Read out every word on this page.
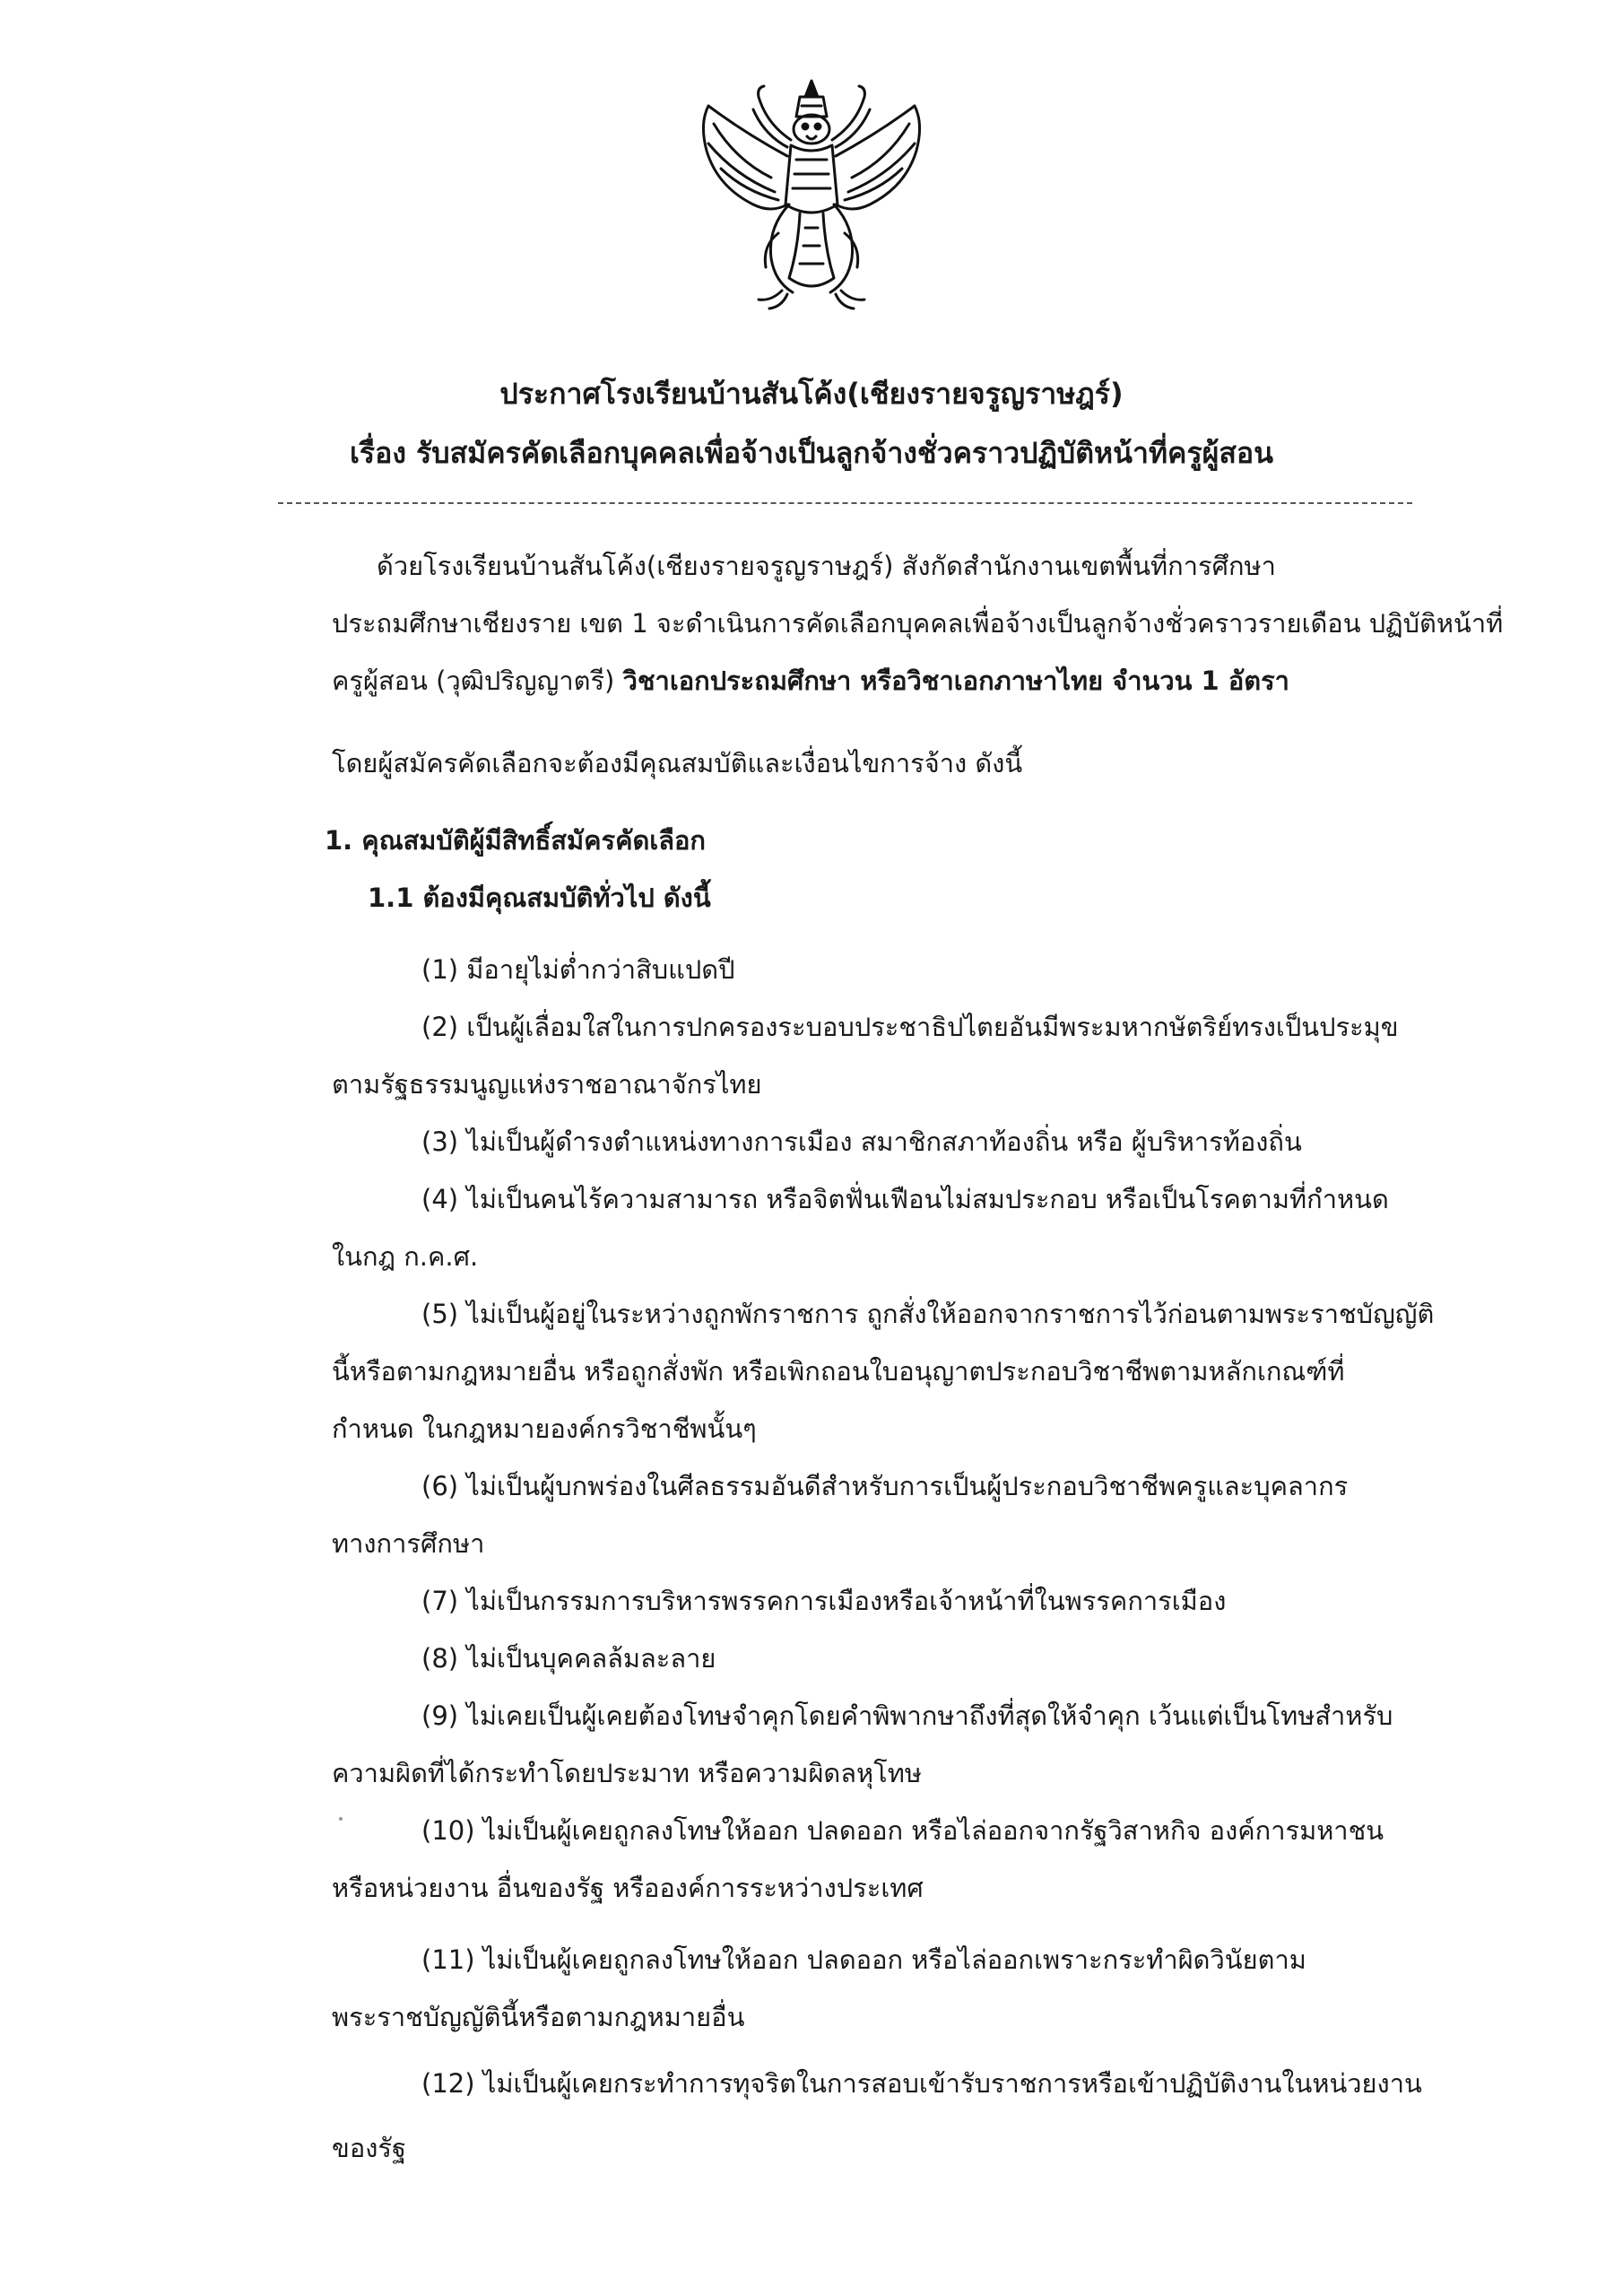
ประกาศโรงเรียนบ้านสันโค้ง(เชียงรายจรูญราษฎร์)
เรื่อง รับสมัครคัดเลือกบุคคลเพื่อจ้างเป็นลูกจ้างชั่วคราวปฏิบัติหน้าที่ครูผู้สอน
ด้วยโรงเรียนบ้านสันโค้ง(เชียงรายจรูญราษฎร์) สังกัดสำนักงานเขตพื้นที่การศึกษา
ประถมศึกษาเชียงราย เขต 1 จะดำเนินการคัดเลือกบุคคลเพื่อจ้างเป็นลูกจ้างชั่วคราวรายเดือน ปฏิบัติหน้าที่
ครูผู้สอน (วุฒิปริญญาตรี) วิชาเอกประถมศึกษา หรือวิชาเอกภาษาไทย จำนวน 1 อัตรา
โดยผู้สมัครคัดเลือกจะต้องมีคุณสมบัติและเงื่อนไขการจ้าง ดังนี้
1. คุณสมบัติผู้มีสิทธิ์สมัครคัดเลือก
1.1 ต้องมีคุณสมบัติทั่วไป ดังนี้
(1) มีอายุไม่ต่ำกว่าสิบแปดปี
(2) เป็นผู้เลื่อมใสในการปกครองระบอบประชาธิปไตยอันมีพระมหากษัตริย์ทรงเป็นประมุข
ตามรัฐธรรมนูญแห่งราชอาณาจักรไทย
(3) ไม่เป็นผู้ดำรงตำแหน่งทางการเมือง สมาชิกสภาท้องถิ่น หรือ ผู้บริหารท้องถิ่น
(4) ไม่เป็นคนไร้ความสามารถ หรือจิตฟั่นเฟือนไม่สมประกอบ หรือเป็นโรคตามที่กำหนด
ในกฎ ก.ค.ศ.
(5) ไม่เป็นผู้อยู่ในระหว่างถูกพักราชการ ถูกสั่งให้ออกจากราชการไว้ก่อนตามพระราชบัญญัติ
นี้หรือตามกฎหมายอื่น หรือถูกสั่งพัก หรือเพิกถอนใบอนุญาตประกอบวิชาชีพตามหลักเกณฑ์ที่
กำหนด ในกฎหมายองค์กรวิชาชีพนั้นๆ
(6) ไม่เป็นผู้บกพร่องในศีลธรรมอันดีสำหรับการเป็นผู้ประกอบวิชาชีพครูและบุคลากร
ทางการศึกษา
(7) ไม่เป็นกรรมการบริหารพรรคการเมืองหรือเจ้าหน้าที่ในพรรคการเมือง
(8) ไม่เป็นบุคคลล้มละลาย
(9) ไม่เคยเป็นผู้เคยต้องโทษจำคุกโดยคำพิพากษาถึงที่สุดให้จำคุก เว้นแต่เป็นโทษสำหรับ
ความผิดที่ได้กระทำโดยประมาท หรือความผิดลหุโทษ
(10) ไม่เป็นผู้เคยถูกลงโทษให้ออก ปลดออก หรือไล่ออกจากรัฐวิสาหกิจ องค์การมหาชน
หรือหน่วยงาน อื่นของรัฐ หรือองค์การระหว่างประเทศ
(11) ไม่เป็นผู้เคยถูกลงโทษให้ออก ปลดออก หรือไล่ออกเพราะกระทำผิดวินัยตาม
พระราชบัญญัตินี้หรือตามกฎหมายอื่น
(12) ไม่เป็นผู้เคยกระทำการทุจริตในการสอบเข้ารับราชการหรือเข้าปฏิบัติงานในหน่วยงาน
ของรัฐ
